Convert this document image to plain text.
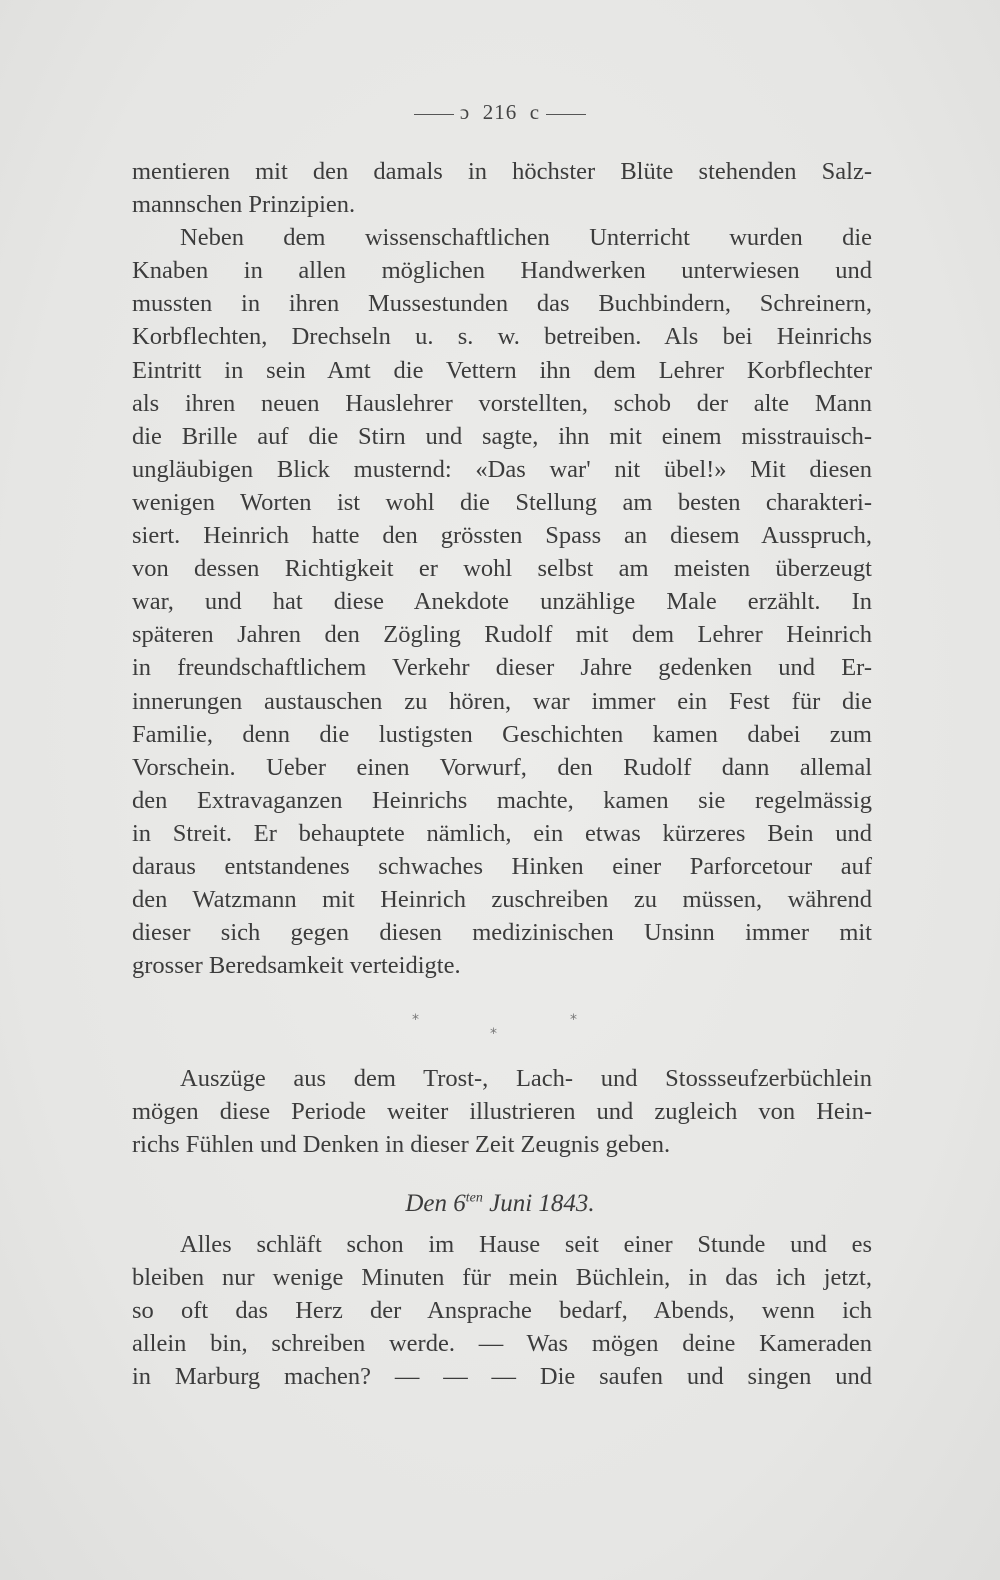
ɔ 216 c
mentieren mit den damals in höchster Blüte stehenden Salz-
mannschen Prinzipien.
Neben dem wissenschaftlichen Unterricht wurden die
Knaben in allen möglichen Handwerken unterwiesen und
mussten in ihren Mussestunden das Buchbindern, Schreinern,
Korbflechten, Drechseln u. s. w. betreiben. Als bei Heinrichs
Eintritt in sein Amt die Vettern ihn dem Lehrer Korbflechter
als ihren neuen Hauslehrer vorstellten, schob der alte Mann
die Brille auf die Stirn und sagte, ihn mit einem misstrauisch-
ungläubigen Blick musternd: «Das war' nit übel!» Mit diesen
wenigen Worten ist wohl die Stellung am besten charakteri-
siert. Heinrich hatte den grössten Spass an diesem Ausspruch,
von dessen Richtigkeit er wohl selbst am meisten überzeugt
war, und hat diese Anekdote unzählige Male erzählt. In
späteren Jahren den Zögling Rudolf mit dem Lehrer Heinrich
in freundschaftlichem Verkehr dieser Jahre gedenken und Er-
innerungen austauschen zu hören, war immer ein Fest für die
Familie, denn die lustigsten Geschichten kamen dabei zum
Vorschein. Ueber einen Vorwurf, den Rudolf dann allemal
den Extravaganzen Heinrichs machte, kamen sie regelmässig
in Streit. Er behauptete nämlich, ein etwas kürzeres Bein und
daraus entstandenes schwaches Hinken einer Parforcetour auf
den Watzmann mit Heinrich zuschreiben zu müssen, während
dieser sich gegen diesen medizinischen Unsinn immer mit
grosser Beredsamkeit verteidigte.
*
*
*
Auszüge aus dem Trost-, Lach- und Stossseufzerbüchlein
mögen diese Periode weiter illustrieren und zugleich von Hein-
richs Fühlen und Denken in dieser Zeit Zeugnis geben.
Den $6^{ten}$ Juni 1843.
Alles schläft schon im Hause seit einer Stunde und es
bleiben nur wenige Minuten für mein Büchlein, in das ich jetzt,
so oft das Herz der Ansprache bedarf, Abends, wenn ich
allein bin, schreiben werde. — Was mögen deine Kameraden
in Marburg machen? — — — Die saufen und singen und
